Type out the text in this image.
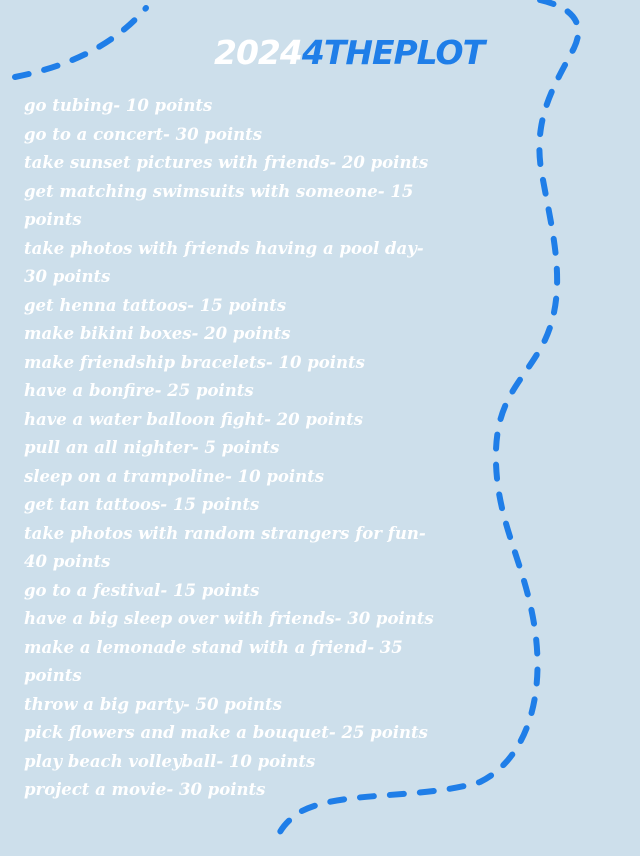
20244THEPLOT
go tubing- 10 points
go to a concert- 30 points
take sunset pictures with friends- 20 points
get matching swimsuits with someone- 15
points
take photos with friends having a pool day-
30 points
get henna tattoos- 15 points
make bikini boxes- 20 points
make friendship bracelets- 10 points
have a bonfire- 25 points
have a water balloon fight- 20 points
pull an all nighter- 5 points
sleep on a trampoline- 10 points
get tan tattoos- 15 points
take photos with random strangers for fun-
40 points
go to a festival- 15 points
have a big sleep over with friends- 30 points
make a lemonade stand with a friend- 35
points
throw a big party- 50 points
pick flowers and make a bouquet- 25 points
play beach volleyball- 10 points
project a movie- 30 points
